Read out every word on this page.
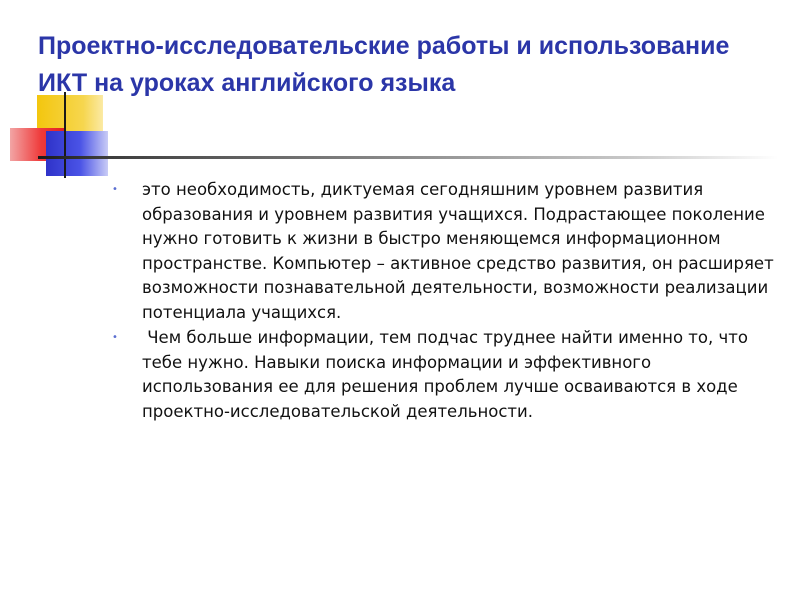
Проектно-исследовательские работы и использование ИКТ на уроках английского языка
• это необходимость, диктуемая сегодняшним уровнем развития образования и уровнем развития учащихся. Подрастающее поколение нужно готовить к жизни в быстро меняющемся информационном пространстве. Компьютер – активное средство развития, он расширяет возможности познавательной деятельности, возможности реализации потенциала учащихся.
• Чем больше информации, тем подчас труднее найти именно то, что тебе нужно. Навыки поиска информации и эффективного использования ее для решения проблем лучше осваиваются в ходе проектно-исследовательской деятельности.
